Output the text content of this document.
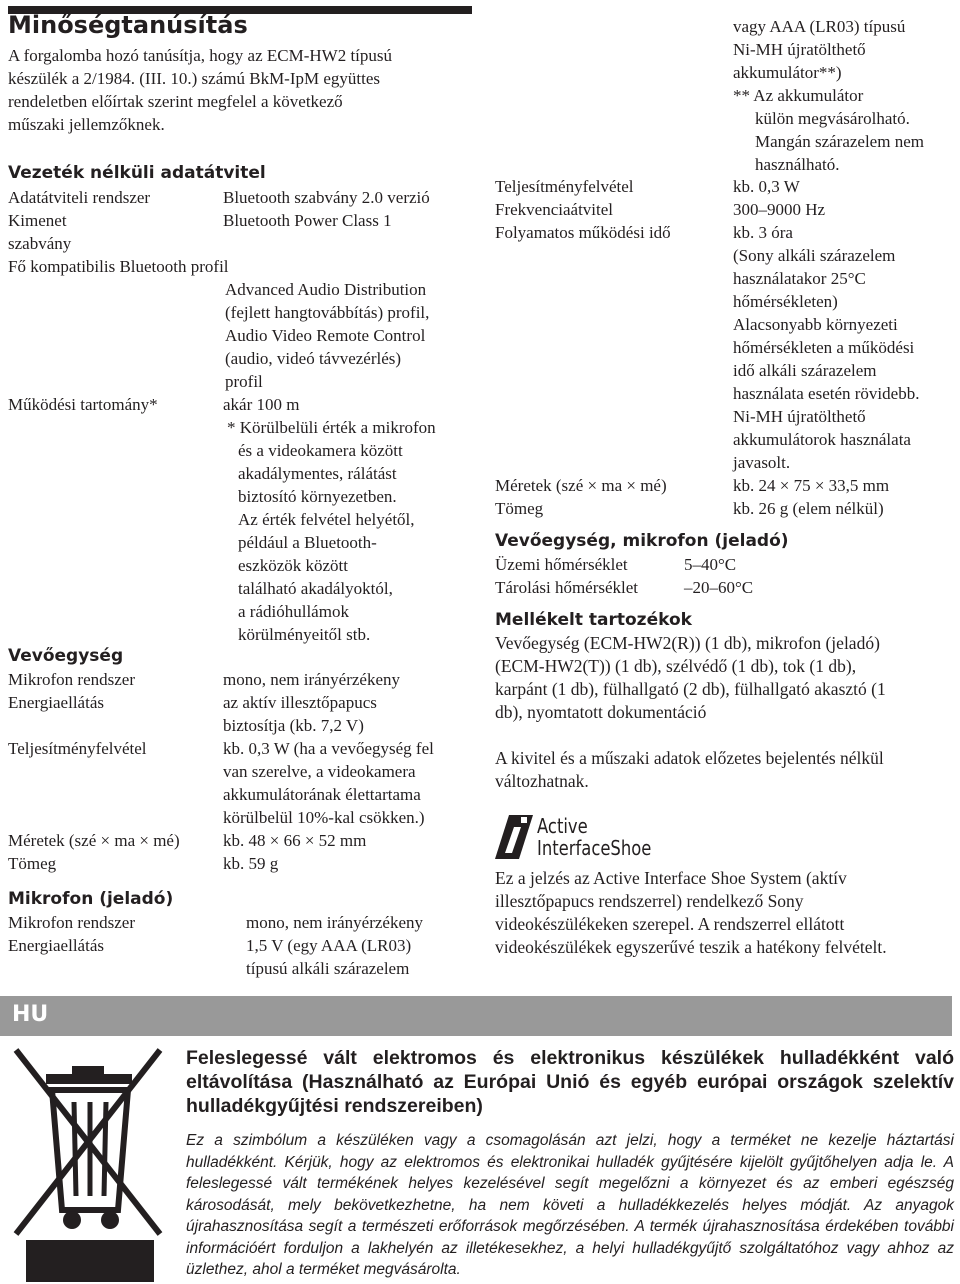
Minőségtanúsítás
A forgalomba hozó tanúsítja, hogy az ECM-HW2 típusú
készülék a 2/1984. (III. 10.) számú BkM-IpM együttes
rendeletben előírtak szerint megfelel a következő
műszaki jellemzőknek.
Vezeték nélküli adatátvitel
Adatátviteli rendszer	Bluetooth szabvány 2.0 verzió
Kimenet	Bluetooth Power Class 1
szabvány
Fő kompatibilis Bluetooth profil
Advanced Audio Distribution
(fejlett hangtovábbítás) profil,
Audio Video Remote Control
(audio, videó távvezérlés)
profil
Működési tartomány*	akár 100 m
* Körülbelüli érték a mikrofon
és a videokamera között
akadálymentes, rálátást
biztosító környezetben.
Az érték felvétel helyétől,
például a Bluetooth-
eszközök között
található akadályoktól,
a rádióhullámok
körülményeitől stb.
Vevőegység
Mikrofon rendszer	mono, nem irányérzékeny
Energiaellátás	az aktív illesztőpapucs
biztosítja (kb. 7,2 V)
Teljesítményfelvétel	kb. 0,3 W (ha a vevőegység fel
van szerelve, a videokamera
akkumulátorának élettartama
körülbelül 10%-kal csökken.)
Méretek (szé × ma × mé)	kb. 48 × 66 × 52 mm
Tömeg	kb. 59 g
Mikrofon (jeladó)
Mikrofon rendszer	mono, nem irányérzékeny
Energiaellátás	1,5 V (egy AAA (LR03)
típusú alkáli szárazelem
vagy AAA (LR03) típusú
Ni-MH újratölthető
akkumulátor**)
** Az akkumulátor
külön megvásárolható.
Mangán szárazelem nem
használható.
Teljesítményfelvétel	kb. 0,3 W
Frekvenciaátvitel	300–9000 Hz
Folyamatos működési idő	kb. 3 óra
(Sony alkáli szárazelem
használatakor 25°C
hőmérsékleten)
Alacsonyabb környezeti
hőmérsékleten a működési
idő alkáli szárazelem
használata esetén rövidebb.
Ni-MH újratölthető
akkumulátorok használata
javasolt.
Méretek (szé × ma × mé)	kb. 24 × 75 × 33,5 mm
Tömeg	kb. 26 g (elem nélkül)
Vevőegység, mikrofon (jeladó)
Üzemi hőmérséklet	5–40°C
Tárolási hőmérséklet	–20–60°C
Mellékelt tartozékok
Vevőegység (ECM-HW2(R)) (1 db), mikrofon (jeladó)
(ECM-HW2(T)) (1 db), szélvédő (1 db), tok (1 db),
karpánt (1 db), fülhallgató (2 db), fülhallgató akasztó (1
db), nyomtatott dokumentáció
A kivitel és a műszaki adatok előzetes bejelentés nélkül
változhatnak.
Active
InterfaceShoe
Ez a jelzés az Active Interface Shoe System (aktív
illesztőpapucs rendszerrel) rendelkező Sony
videokészülékeken szerepel. A rendszerrel ellátott
videokészülékek egyszerűvé teszik a hatékony felvételt.
HU
Feleslegessé vált elektromos és elektronikus készülékek hulladékként való eltávolítása (Használható az Európai Unió és egyéb európai országok szelektív hulladékgyűjtési rendszereiben)
Ez a szimbólum a készüléken vagy a csomagolásán azt jelzi, hogy a terméket ne kezelje háztartási hulladékként. Kérjük, hogy az elektromos és elektronikai hulladék gyűjtésére kijelölt gyűjtőhelyen adja le. A feleslegessé vált termékének helyes kezelésével segít megelőzni a környezet és az emberi egészség károsodását, mely bekövetkezhetne, ha nem követi a hulladékkezelés helyes módját. Az anyagok újrahasznosítása segít a természeti erőforrások megőrzésében. A termék újrahasznosítása érdekében további információért forduljon a lakhelyén az illetékesekhez, a helyi hulladékgyűjtő szolgáltatóhoz vagy ahhoz az üzlethez, ahol a terméket megvásárolta.
